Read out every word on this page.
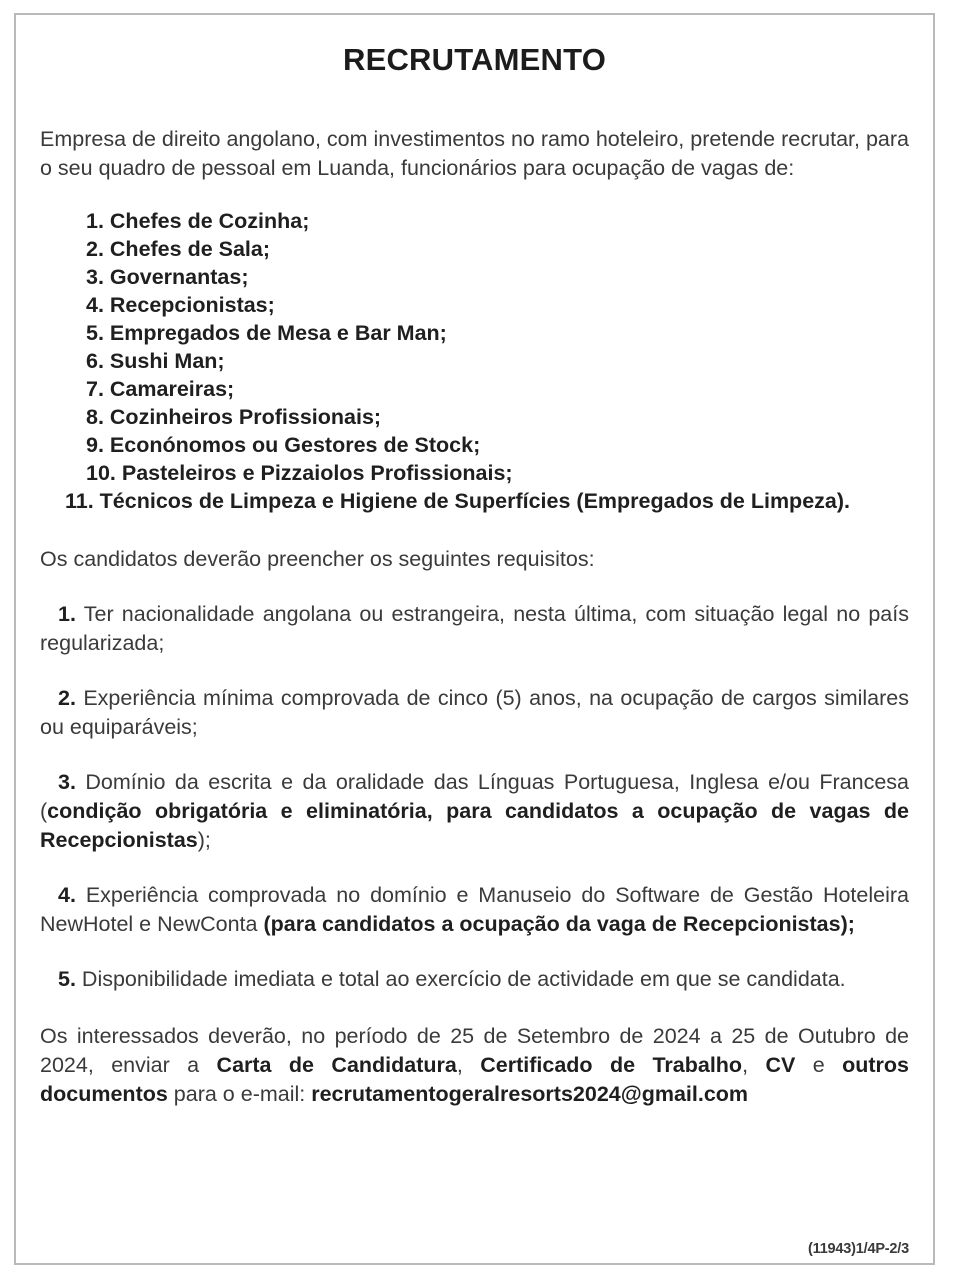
RECRUTAMENTO

Empresa de direito angolano, com investimentos no ramo hoteleiro, pretende recrutar, para o seu quadro de pessoal em Luanda, funcionários para ocupação de vagas de:

1. Chefes de Cozinha;
2. Chefes de Sala;
3. Governantas;
4. Recepcionistas;
5. Empregados de Mesa e Bar Man;
6. Sushi Man;
7. Camareiras;
8. Cozinheiros Profissionais;
9. Econónomos ou Gestores de Stock;
10. Pasteleiros e Pizzaiolos Profissionais;
11. Técnicos de Limpeza e Higiene de Superfícies (Empregados de Limpeza).

Os candidatos deverão preencher os seguintes requisitos:

1. Ter nacionalidade angolana ou estrangeira, nesta última, com situação legal no país regularizada;

2. Experiência mínima comprovada de cinco (5) anos, na ocupação de cargos similares ou equiparáveis;

3. Domínio da escrita e da oralidade das Línguas Portuguesa, Inglesa e/ou Francesa (condição obrigatória e eliminatória, para candidatos a ocupação de vagas de Recepcionistas);

4. Experiência comprovada no domínio e Manuseio do Software de Gestão Hoteleira NewHotel e NewConta (para candidatos a ocupação da vaga de Recepcionistas);

5. Disponibilidade imediata e total ao exercício de actividade em que se candidata.

Os interessados deverão, no período de 25 de Setembro de 2024 a 25 de Outubro de 2024, enviar a Carta de Candidatura, Certificado de Trabalho, CV e outros documentos para o e-mail: recrutamentogeralresorts2024@gmail.com

(11943)1/4P-2/3
